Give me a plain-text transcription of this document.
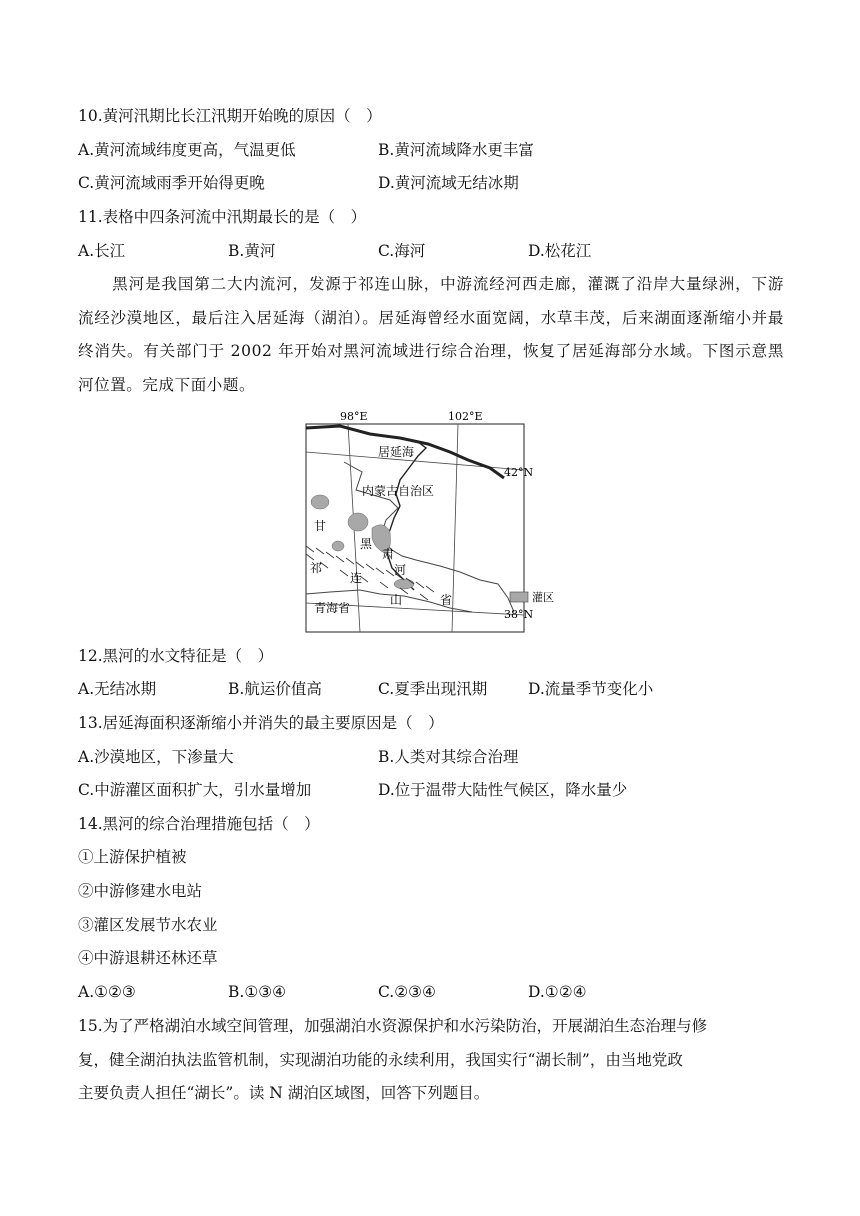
10.黄河汛期比长江汛期开始晚的原因（　）
A.黄河流域纬度更高，气温更低	B.黄河流域降水更丰富
C.黄河流域雨季开始得更晚	D.黄河流域无结冰期
11.表格中四条河流中汛期最长的是（　）
A.长江	B.黄河	C.海河	D.松花江
黑河是我国第二大内流河，发源于祁连山脉，中游流经河西走廊，灌溉了沿岸大量绿洲，下游流经沙漠地区，最后注入居延海（湖泊）。居延海曾经水面宽阔，水草丰茂，后来湖面逐渐缩小并最终消失。有关部门于 2002 年开始对黑河流域进行综合治理，恢复了居延海部分水域。下图示意黑河位置。完成下面小题。
98°E	102°E
42°N
38°N
居延海
内蒙古自治区
甘
黑
肃
河
祁
连
山	省
青海省
灌区
12.黑河的水文特征是（　）
A.无结冰期	B.航运价值高	C.夏季出现汛期	D.流量季节变化小
13.居延海面积逐渐缩小并消失的最主要原因是（　）
A.沙漠地区，下渗量大	B.人类对其综合治理
C.中游灌区面积扩大，引水量增加	D.位于温带大陆性气候区，降水量少
14.黑河的综合治理措施包括（　）
①上游保护植被
②中游修建水电站
③灌区发展节水农业
④中游退耕还林还草
A.①②③	B.①③④	C.②③④	D.①②④
15.为了严格湖泊水域空间管理，加强湖泊水资源保护和水污染防治，开展湖泊生态治理与修
复，健全湖泊执法监管机制，实现湖泊功能的永续利用，我国实行“湖长制”，由当地党政
主要负责人担任“湖长”。读 N 湖泊区域图，回答下列题目。
